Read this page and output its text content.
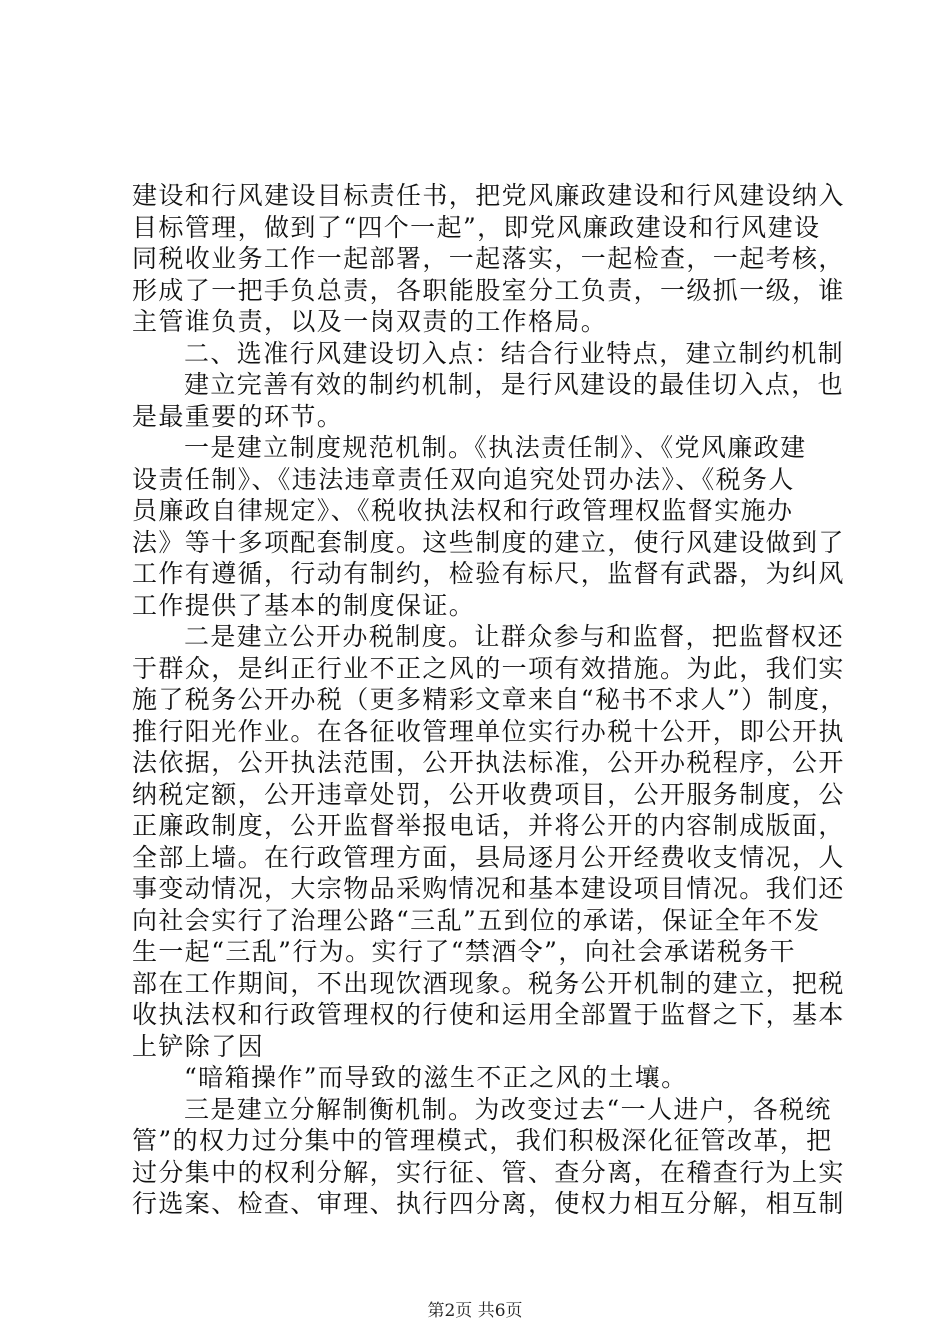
建设和行风建设目标责任书，把党风廉政建设和行风建设纳入
目标管理，做到了“四个一起”，即党风廉政建设和行风建设
同税收业务工作一起部署，一起落实，一起检查，一起考核，
形成了一把手负总责，各职能股室分工负责，一级抓一级，谁
主管谁负责，以及一岗双责的工作格局。
二、选准行风建设切入点：结合行业特点，建立制约机制
建立完善有效的制约机制，是行风建设的最佳切入点，也
是最重要的环节。
一是建立制度规范机制。《执法责任制》、《党风廉政建
设责任制》、《违法违章责任双向追究处罚办法》、《税务人
员廉政自律规定》、《税收执法权和行政管理权监督实施办
法》等十多项配套制度。这些制度的建立，使行风建设做到了
工作有遵循，行动有制约，检验有标尺，监督有武器，为纠风
工作提供了基本的制度保证。
二是建立公开办税制度。让群众参与和监督，把监督权还
于群众，是纠正行业不正之风的一项有效措施。为此，我们实
施了税务公开办税（更多精彩文章来自“秘书不求人”）制度，
推行阳光作业。在各征收管理单位实行办税十公开，即公开执
法依据，公开执法范围，公开执法标准，公开办税程序，公开
纳税定额，公开违章处罚，公开收费项目，公开服务制度，公
正廉政制度，公开监督举报电话，并将公开的内容制成版面，
全部上墙。在行政管理方面，县局逐月公开经费收支情况，人
事变动情况，大宗物品采购情况和基本建设项目情况。我们还
向社会实行了治理公路“三乱”五到位的承诺，保证全年不发
生一起“三乱”行为。实行了“禁酒令”，向社会承诺税务干
部在工作期间，不出现饮酒现象。税务公开机制的建立，把税
收执法权和行政管理权的行使和运用全部置于监督之下，基本
上铲除了因
“暗箱操作”而导致的滋生不正之风的土壤。
三是建立分解制衡机制。为改变过去“一人进户，各税统
管”的权力过分集中的管理模式，我们积极深化征管改革，把
过分集中的权利分解，实行征、管、查分离，在稽查行为上实
行选案、检查、审理、执行四分离，使权力相互分解，相互制
第2页 共6页
